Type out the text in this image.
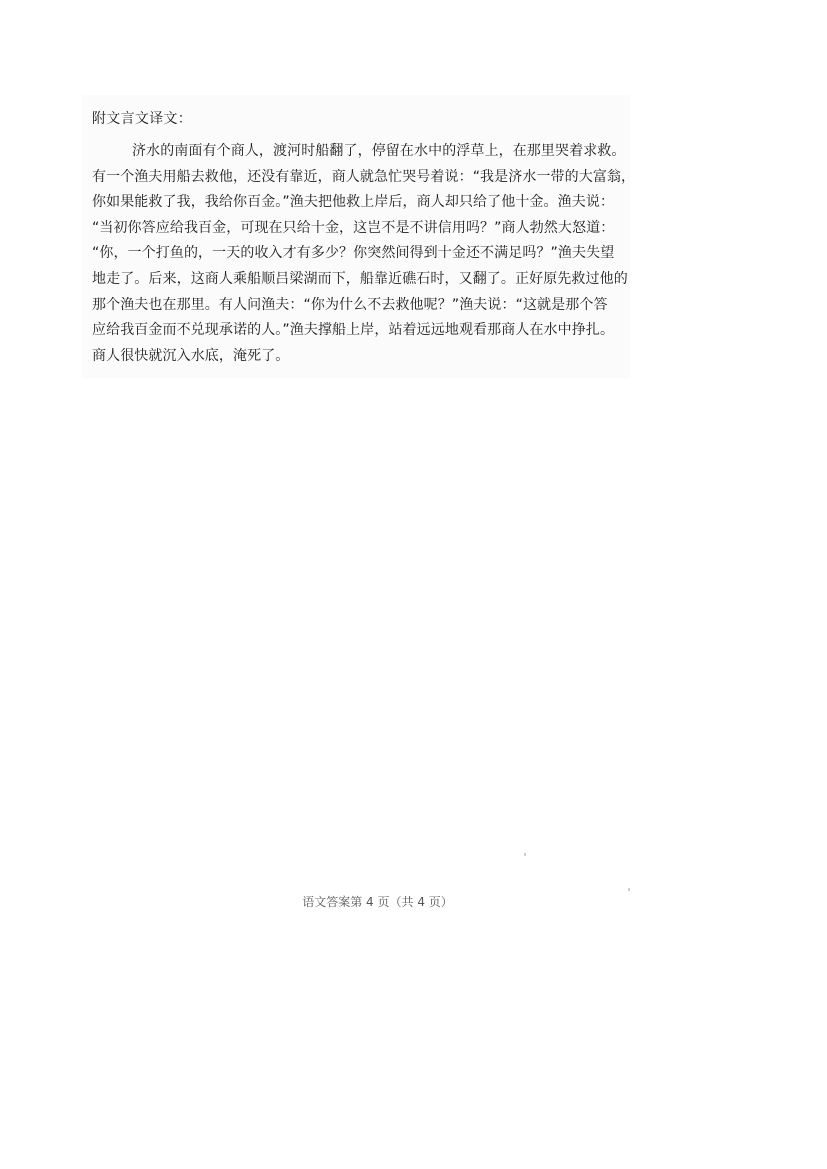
附文言文译文：
济水的南面有个商人，渡河时船翻了，停留在水中的浮草上，在那里哭着求救。
有一个渔夫用船去救他，还没有靠近，商人就急忙哭号着说：“我是济水一带的大富翁，
你如果能救了我，我给你百金。”渔夫把他救上岸后，商人却只给了他十金。渔夫说：
“当初你答应给我百金，可现在只给十金，这岂不是不讲信用吗？”商人勃然大怒道：
“你，一个打鱼的，一天的收入才有多少？你突然间得到十金还不满足吗？”渔夫失望
地走了。后来，这商人乘船顺吕梁湖而下，船靠近礁石时，又翻了。正好原先救过他的
那个渔夫也在那里。有人问渔夫：“你为什么不去救他呢？”渔夫说：“这就是那个答
应给我百金而不兑现承诺的人。”渔夫撑船上岸，站着远远地观看那商人在水中挣扎。
商人很快就沉入水底，淹死了。
语文答案第 4 页（共 4 页）
